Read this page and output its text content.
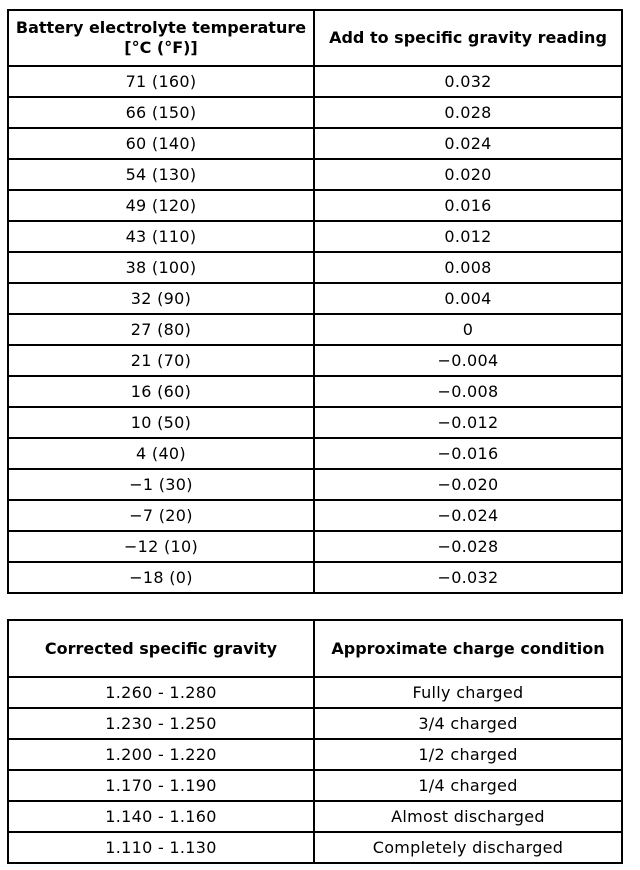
Battery electrolyte temperature [°C (°F)]	Add to specific gravity reading
71 (160)	0.032
66 (150)	0.028
60 (140)	0.024
54 (130)	0.020
49 (120)	0.016
43 (110)	0.012
38 (100)	0.008
32 (90)	0.004
27 (80)	0
21 (70)	−0.004
16 (60)	−0.008
10 (50)	−0.012
4 (40)	−0.016
−1 (30)	−0.020
−7 (20)	−0.024
−12 (10)	−0.028
−18 (0)	−0.032
Corrected specific gravity	Approximate charge condition
1.260 - 1.280	Fully charged
1.230 - 1.250	3/4 charged
1.200 - 1.220	1/2 charged
1.170 - 1.190	1/4 charged
1.140 - 1.160	Almost discharged
1.110 - 1.130	Completely discharged
